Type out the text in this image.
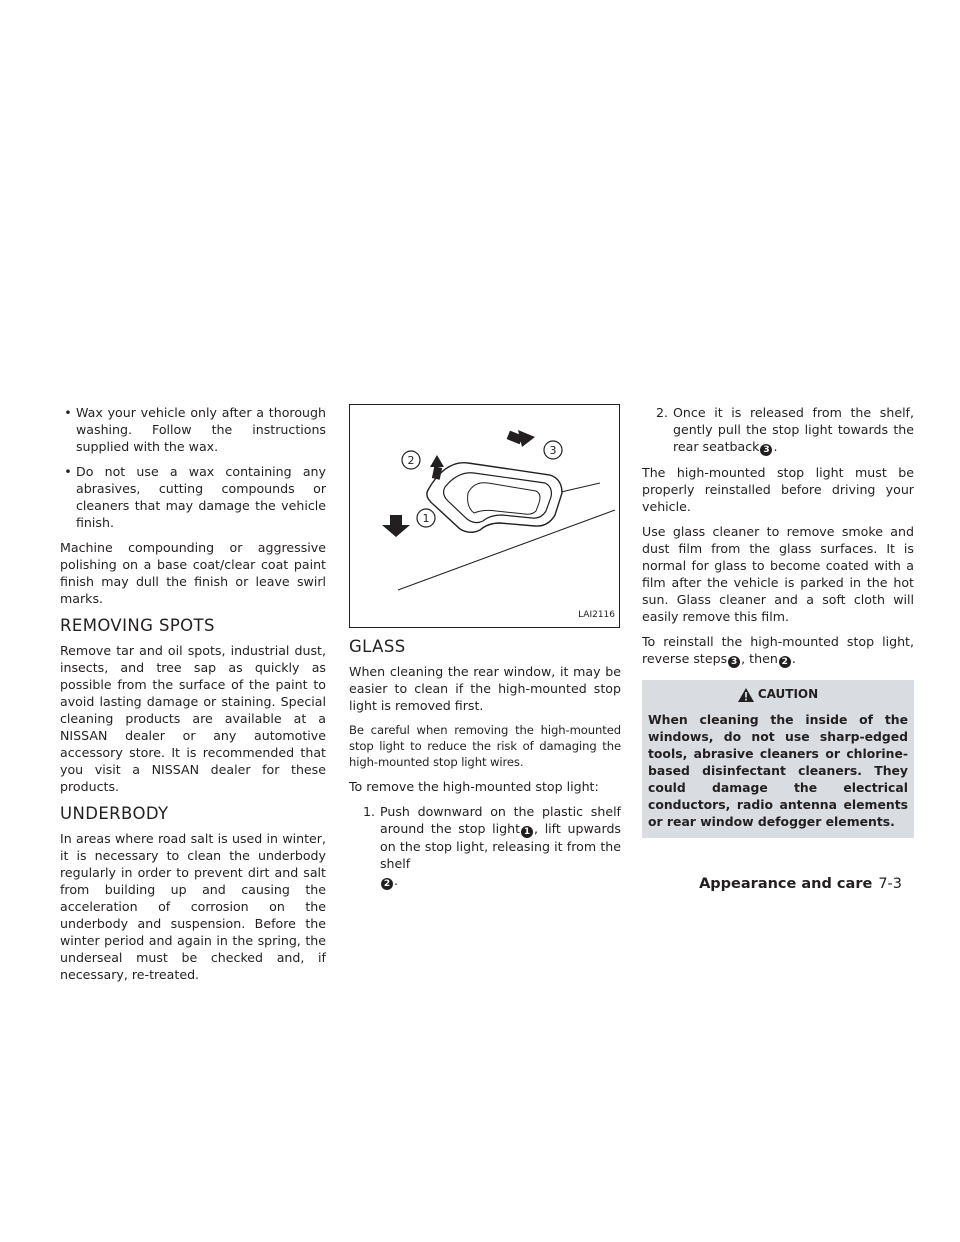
• Wax your vehicle only after a thorough washing. Follow the instructions supplied with the wax.
• Do not use a wax containing any abrasives, cutting compounds or cleaners that may damage the vehicle finish.

Machine compounding or aggressive polishing on a base coat/clear coat paint finish may dull the finish or leave swirl marks.

REMOVING SPOTS

Remove tar and oil spots, industrial dust, insects, and tree sap as quickly as possible from the surface of the paint to avoid lasting damage or staining. Special cleaning products are available at a NISSAN dealer or any automotive accessory store. It is recommended that you visit a NISSAN dealer for these products.

UNDERBODY

In areas where road salt is used in winter, it is necessary to clean the underbody regularly in order to prevent dirt and salt from building up and causing the acceleration of corrosion on the underbody and suspension. Before the winter period and again in the spring, the underseal must be checked and, if necessary, re-treated.

1
2
3
LAI2116
GLASS

When cleaning the rear window, it may be easier to clean if the high-mounted stop light is removed first.

Be careful when removing the high-mounted stop light to reduce the risk of damaging the high-mounted stop light wires.

To remove the high-mounted stop light:

1. Push downward on the plastic shelf around the stop light 1 , lift upwards on the stop light, releasing it from the shelf
2 .
2. Once it is released from the shelf, gently pull the stop light towards the rear seatback 3 .

The high-mounted stop light must be properly reinstalled before driving your vehicle.

Use glass cleaner to remove smoke and dust film from the glass surfaces. It is normal for glass to become coated with a film after the vehicle is parked in the hot sun. Glass cleaner and a soft cloth will easily remove this film.

To reinstall the high-mounted stop light, reverse steps 3 , then 2 .

CAUTION
When cleaning the inside of the windows, do not use sharp-edged tools, abrasive cleaners or chlorine-based disinfectant cleaners. They could damage the electrical conductors, radio antenna elements or rear window defogger elements.
Appearance and care 7-3
